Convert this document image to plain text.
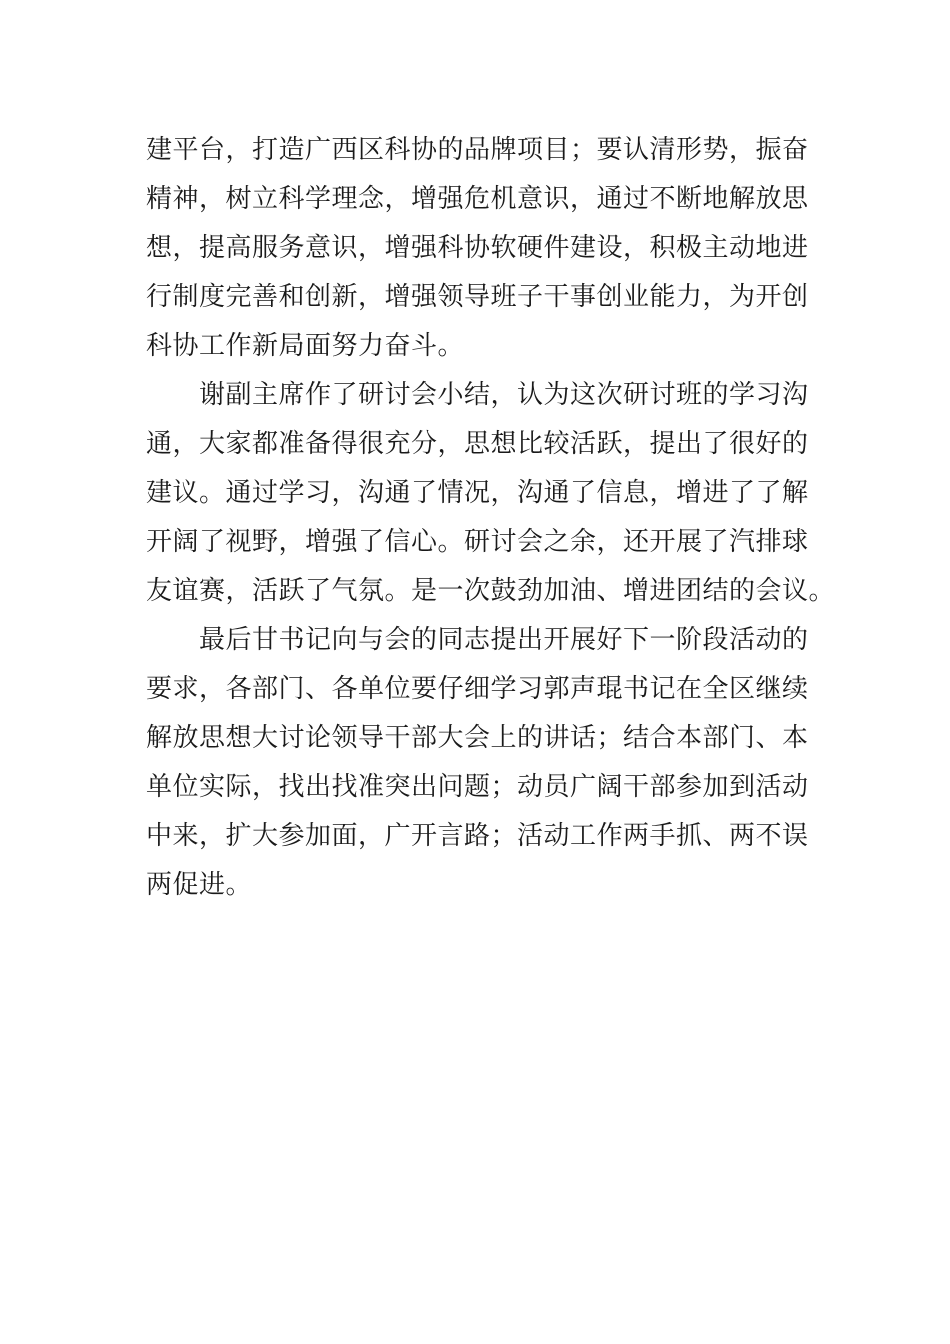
建平台，打造广西区科协的品牌项目；要认清形势，振奋
精神，树立科学理念，增强危机意识，通过不断地解放思
想，提高服务意识，增强科协软硬件建设，积极主动地进
行制度完善和创新，增强领导班子干事创业能力，为开创
科协工作新局面努力奋斗。
　　谢副主席作了研讨会小结，认为这次研讨班的学习沟
通，大家都准备得很充分，思想比较活跃，提出了很好的
建议。通过学习，沟通了情况，沟通了信息，增进了了解
开阔了视野，增强了信心。研讨会之余，还开展了汽排球
友谊赛，活跃了气氛。是一次鼓劲加油、增进团结的会议。
　　最后甘书记向与会的同志提出开展好下一阶段活动的
要求，各部门、各单位要仔细学习郭声琨书记在全区继续
解放思想大讨论领导干部大会上的讲话；结合本部门、本
单位实际，找出找准突出问题；动员广阔干部参加到活动
中来，扩大参加面，广开言路；活动工作两手抓、两不误
两促进。
